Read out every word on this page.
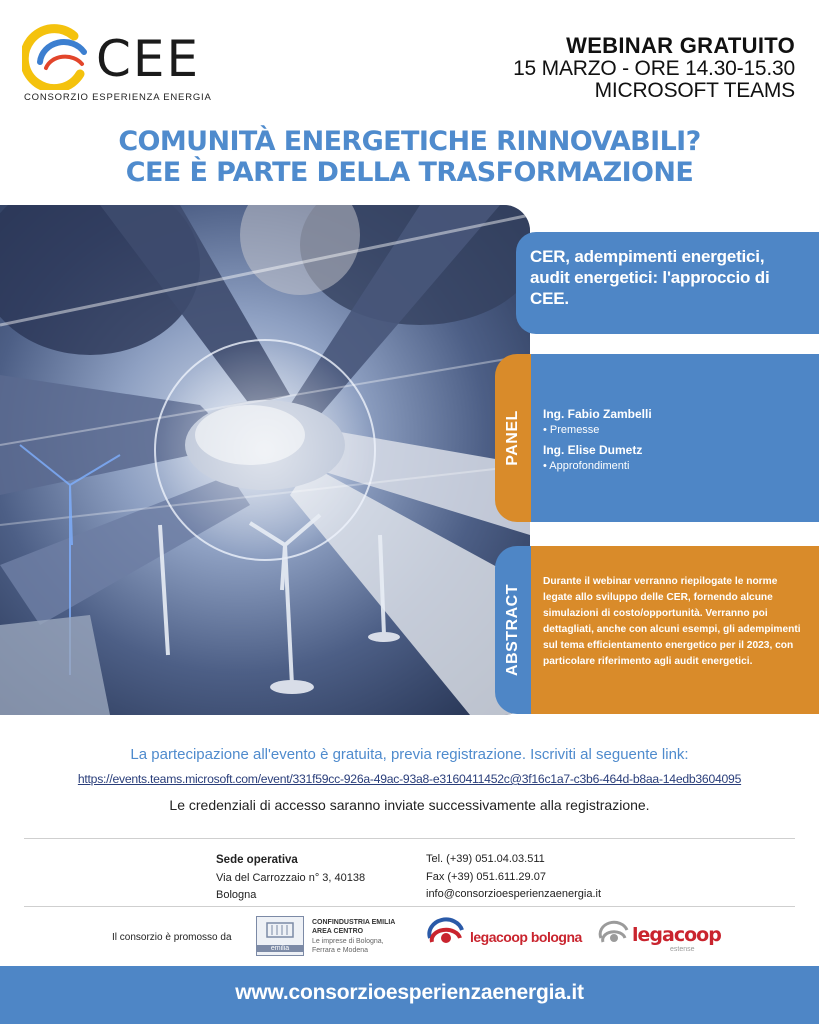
CEE
CONSORZIO ESPERIENZA ENERGIA
WEBINAR GRATUITO
15 MARZO - ORE 14.30-15.30
MICROSOFT TEAMS
COMUNITÀ ENERGETICHE RINNOVABILI?
CEE È PARTE DELLA TRASFORMAZIONE

CER, adempimenti energetici, audit energetici: l'approccio di CEE.

PANEL Ing. Fabio Zambelli
• Premesse
Ing. Elise Dumetz
• Approfondimenti
ABSTRACT
Durante il webinar verranno riepilogate le norme legate allo sviluppo delle CER, fornendo alcune simulazioni di costo/opportunità. Verranno poi dettagliati, anche con alcuni esempi, gli adempimenti sul tema efficientamento energetico per il 2023, con particolare riferimento agli audit energetici.
La partecipazione all'evento è gratuita, previa registrazione. Iscriviti al seguente link:
https://events.teams.microsoft.com/event/331f59cc-926a-49ac-93a8-e3160411452c@3f16c1a7-c3b6-464d-b8aa-14edb3604095
Le credenziali di accesso saranno inviate successivamente alla registrazione.
Sede operativa
Via del Carrozzaio n° 3, 40138
Bologna
Tel. (+39) 051.04.03.511
Fax (+39) 051.611.29.07
info@consorzioesperienzaenergia.it
Il consorzio è promosso da
emilia
CONFINDUSTRIA EMILIA
AREA CENTRO
Le imprese di Bologna,
Ferrara e Modena
legacoop bologna	legacoop
estense
www.consorzioesperienzaenergia.it
